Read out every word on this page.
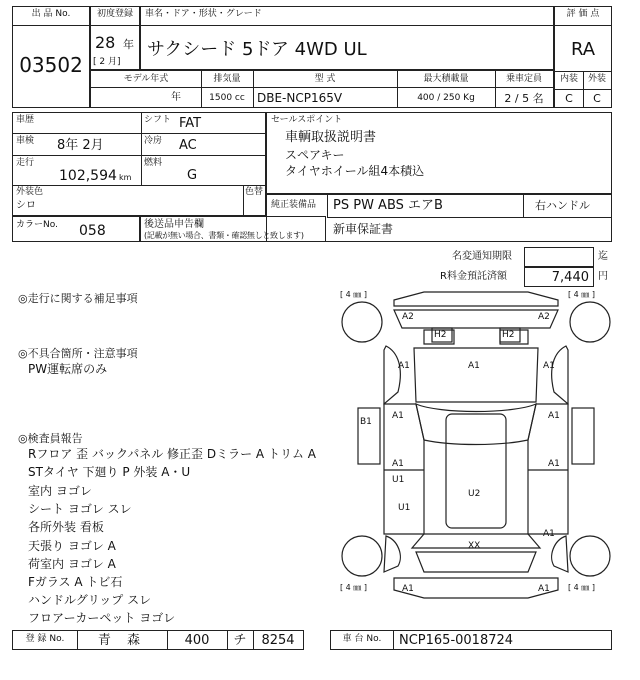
出 品 No.
03502
初度登録
28 年
[ 2 月]
車名・ドア・形状・グレード
サクシード 5ドア 4WD UL
評 価 点
RA
内装	外装
C	C
モデル年式	排気量	型 式	最大積載量	乗車定員
年	1500 cc	DBE-NCP165V	400 / 250 Kg	2 / 5 名
車歴	シフト FAT
車検 8年 2月	冷房 AC
走行
102,594 km
燃料
G
外装色
シロ
色替
カラーNo. 058	後送品申告欄
(記載が無い場合、書類・確認無しと致します)
セールスポイント
車輌取扱説明書
スペアキー
タイヤホイール組4本積込
純正装備品 PS PW ABS エアB	右ハンドル
新車保証書
名変通知期限	迄
R料金預託済額	7,440 円
◎走行に関する補足事項
◎不具合箇所・注意事項
PW運転席のみ
◎検査員報告
Rフロア 歪 バックパネル 修正歪 Dミラー A トリム A
STタイヤ 下廻り P 外装 A・U
室内 ヨゴレ
シート ヨゴレ スレ
各所外装 看板
天張り ヨゴレ A
荷室内 ヨゴレ A
Fガラス A トビ石
ハンドルグリップ スレ
フロアーカーペット ヨゴレ
[ 4 ㎜ ]	[ 4 ㎜ ]
[ 4 ㎜ ]	[ 4 ㎜ ]
A2	A2
H2	H2
A1	A1	A1
A1	A1
B1
A1	A1
U1
U2
U1
XX
A1
A1	A1
登 録 No.	青 森	400	チ	8254	車 台 No.	NCP165-0018724
